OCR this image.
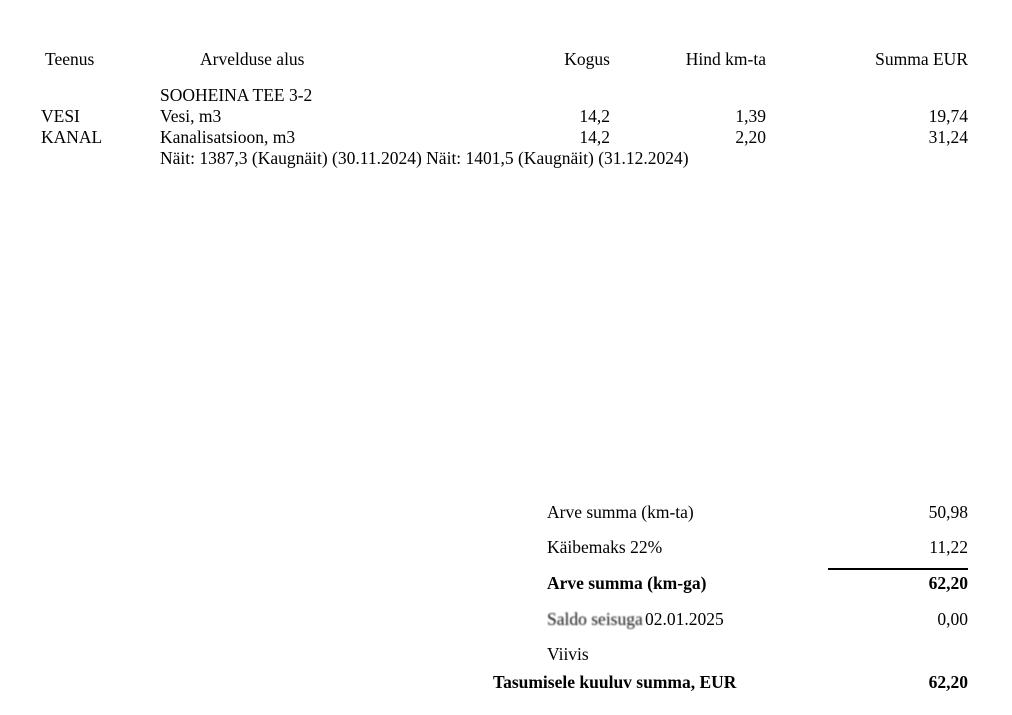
Teenus	Arvelduse alus	Kogus	Hind km-ta	Summa EUR
SOOHEINA TEE 3-2
VESI	Vesi, m3	14,2	1,39	19,74
KANAL	Kanalisatsioon, m3	14,2	2,20	31,24
Näit: 1387,3 (Kaugnäit) (30.11.2024) Näit: 1401,5 (Kaugnäit) (31.12.2024)
Arve summa (km-ta)	50,98
Käibemaks 22%	11,22
Arve summa (km-ga)	62,20
Saldo seisuga 02.01.2025	0,00
Viivis
Tasumisele kuuluv summa, EUR	62,20
